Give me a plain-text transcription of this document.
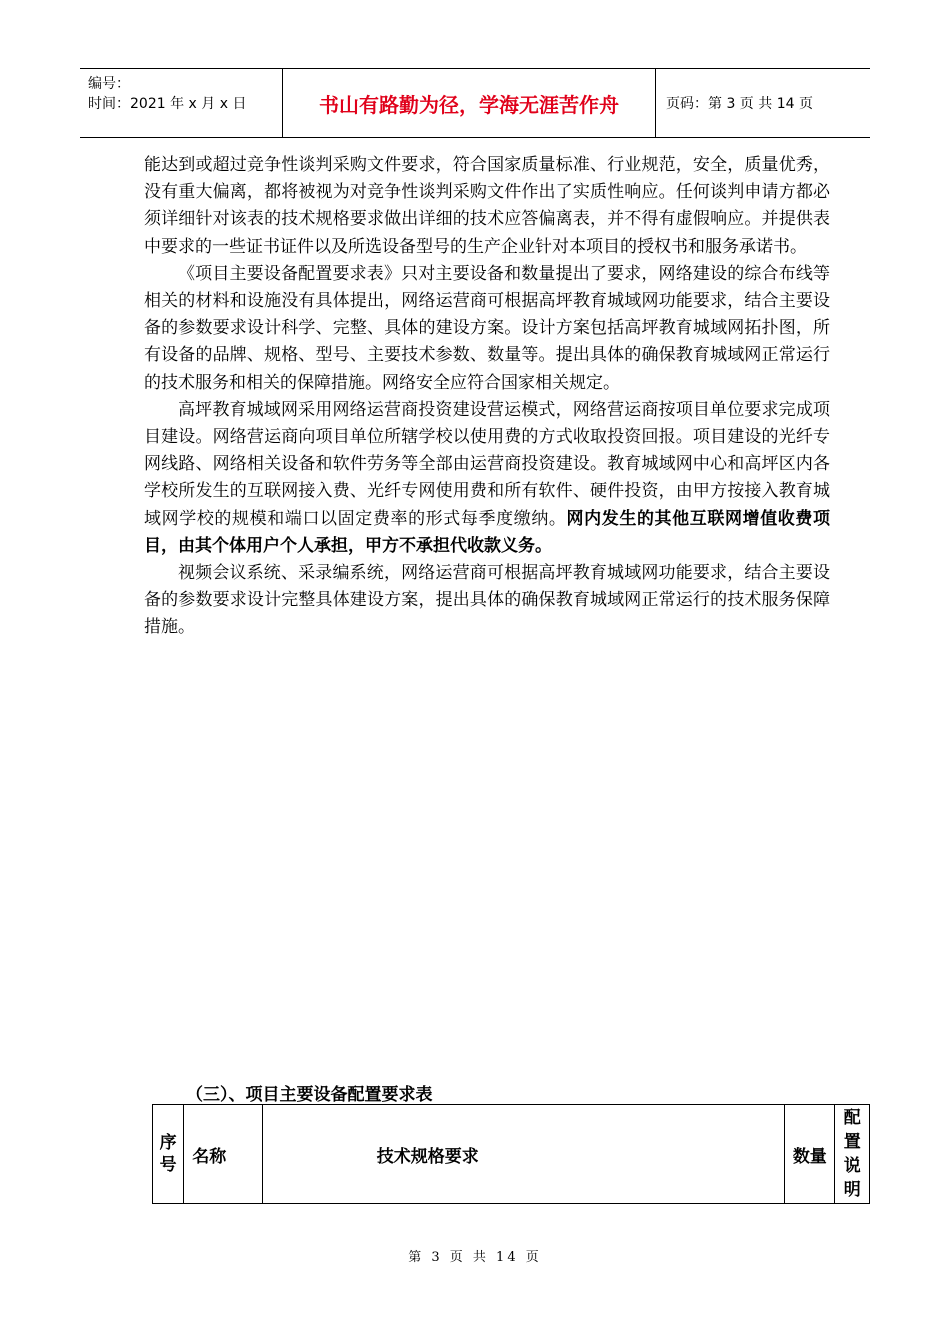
编号：
时间：2021 年 x 月 x 日	书山有路勤为径，学海无涯苦作舟	页码：第 3 页 共 14 页

能达到或超过竞争性谈判采购文件要求，符合国家质量标准、行业规范，安全，质量优秀，没有重大偏离，都将被视为对竞争性谈判采购文件作出了实质性响应。任何谈判申请方都必须详细针对该表的技术规格要求做出详细的技术应答偏离表，并不得有虚假响应。并提供表中要求的一些证书证件以及所选设备型号的生产企业针对本项目的授权书和服务承诺书。

《项目主要设备配置要求表》只对主要设备和数量提出了要求，网络建设的综合布线等相关的材料和设施没有具体提出，网络运营商可根据高坪教育城域网功能要求，结合主要设备的参数要求设计科学、完整、具体的建设方案。设计方案包括高坪教育城域网拓扑图，所有设备的品牌、规格、型号、主要技术参数、数量等。提出具体的确保教育城域网正常运行的技术服务和相关的保障措施。网络安全应符合国家相关规定。

高坪教育城域网采用网络运营商投资建设营运模式，网络营运商按项目单位要求完成项目建设。网络营运商向项目单位所辖学校以使用费的方式收取投资回报。项目建设的光纤专网线路、网络相关设备和软件劳务等全部由运营商投资建设。教育城域网中心和高坪区内各学校所发生的互联网接入费、光纤专网使用费和所有软件、硬件投资，由甲方按接入教育城域网学校的规模和端口以固定费率的形式每季度缴纳。网内发生的其他互联网增值收费项目，由其个体用户个人承担，甲方不承担代收款义务。

视频会议系统、采录编系统，网络运营商可根据高坪教育城域网功能要求，结合主要设备的参数要求设计完整具体建设方案，提出具体的确保教育城域网正常运行的技术服务保障措施。

（三）、项目主要设备配置要求表
序号	名称	技术规格要求	数量	配置说明
第 3 页 共 14 页
